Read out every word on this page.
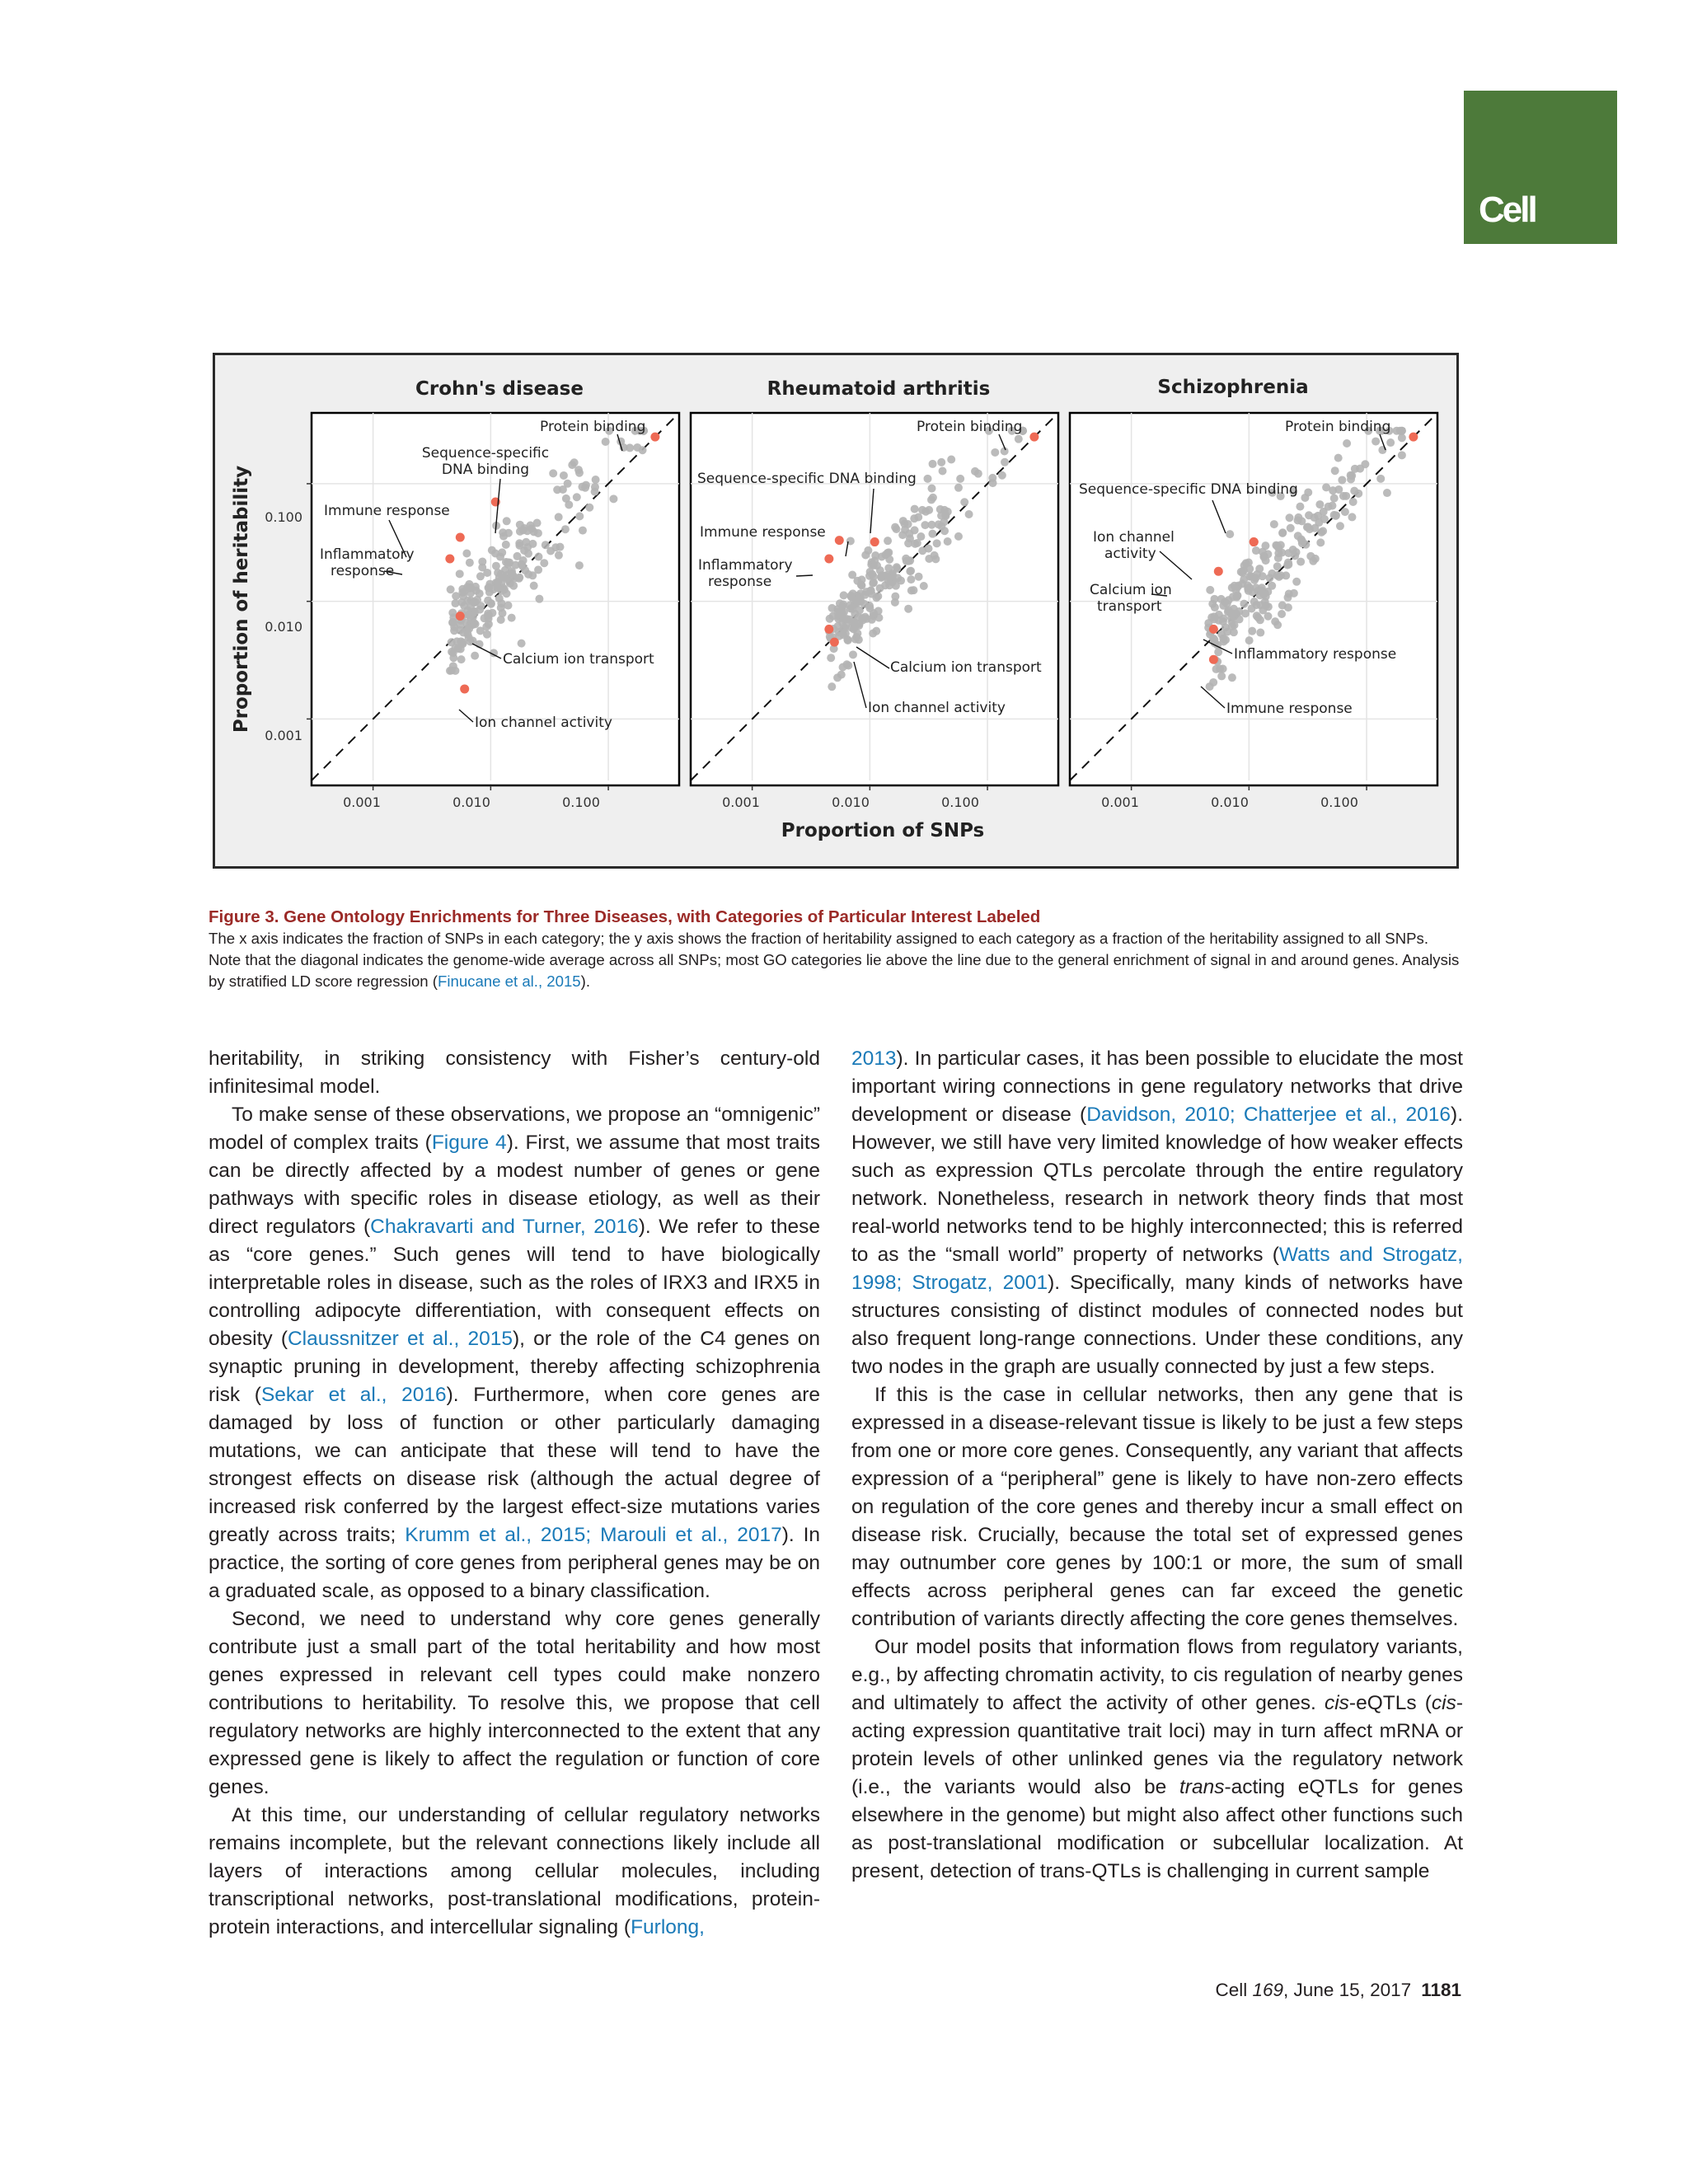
Cell
Crohn's disease	Rheumatoid arthritis	Schizophrenia
Proportion of heritability 0.100
0.010
0.001
0.001	0.010	0.100	0.001	0.010	0.100	0.001	0.010	0.100
Proportion of SNPs
Protein binding
Sequence-specific
DNA binding
Immune response
Inflammatory
response
Calcium ion transport
Ion channel activity
Protein binding
Sequence-specific DNA binding
Immune response
Inflammatory
response
Calcium ion transport
Ion channel activity
Protein binding
Sequence-specific DNA binding
Ion channel
activity
Calcium ion
transport
Inflammatory response
Immune response
Figure 3. Gene Ontology Enrichments for Three Diseases, with Categories of Particular Interest Labeled
The x axis indicates the fraction of SNPs in each category; the y axis shows the fraction of heritability assigned to each category as a fraction of the heritability assigned to all SNPs. Note that the diagonal indicates the genome-wide average across all SNPs; most GO categories lie above the line due to the general enrichment of signal in and around genes. Analysis by stratified LD score regression (Finucane et al., 2015).

heritability, in striking consistency with Fisher’s century-old infinitesimal model.

To make sense of these observations, we propose an “omnigenic” model of complex traits (Figure 4). First, we assume that most traits can be directly affected by a modest number of genes or gene pathways with specific roles in disease etiology, as well as their direct regulators (Chakravarti and Turner, 2016). We refer to these as “core genes.” Such genes will tend to have biologically interpretable roles in disease, such as the roles of IRX3 and IRX5 in controlling adipocyte differentiation, with consequent effects on obesity (Claussnitzer et al., 2015), or the role of the C4 genes on synaptic pruning in development, thereby affecting schizophrenia risk (Sekar et al., 2016). Furthermore, when core genes are damaged by loss of function or other particularly damaging mutations, we can anticipate that these will tend to have the strongest effects on disease risk (although the actual degree of increased risk conferred by the largest effect-size mutations varies greatly across traits; Krumm et al., 2015; Marouli et al., 2017). In practice, the sorting of core genes from peripheral genes may be on a graduated scale, as opposed to a binary classification.

Second, we need to understand why core genes generally contribute just a small part of the total heritability and how most genes expressed in relevant cell types could make nonzero contributions to heritability. To resolve this, we propose that cell regulatory networks are highly interconnected to the extent that any expressed gene is likely to affect the regulation or function of core genes.

At this time, our understanding of cellular regulatory networks remains incomplete, but the relevant connections likely include all layers of interactions among cellular molecules, including transcriptional networks, post-translational modifications, protein-protein interactions, and intercellular signaling (Furlong,

2013). In particular cases, it has been possible to elucidate the most important wiring connections in gene regulatory networks that drive development or disease (Davidson, 2010; Chatterjee et al., 2016). However, we still have very limited knowledge of how weaker effects such as expression QTLs percolate through the entire regulatory network. Nonetheless, research in network theory finds that most real-world networks tend to be highly interconnected; this is referred to as the “small world” property of networks (Watts and Strogatz, 1998; Strogatz, 2001). Specifically, many kinds of networks have structures consisting of distinct modules of connected nodes but also frequent long-range connections. Under these conditions, any two nodes in the graph are usually connected by just a few steps.

If this is the case in cellular networks, then any gene that is expressed in a disease-relevant tissue is likely to be just a few steps from one or more core genes. Consequently, any variant that affects expression of a “peripheral” gene is likely to have non-zero effects on regulation of the core genes and thereby incur a small effect on disease risk. Crucially, because the total set of expressed genes may outnumber core genes by 100:1 or more, the sum of small effects across peripheral genes can far exceed the genetic contribution of variants directly affecting the core genes themselves.

Our model posits that information flows from regulatory variants, e.g., by affecting chromatin activity, to cis regulation of nearby genes and ultimately to affect the activity of other genes. cis-eQTLs (cis-acting expression quantitative trait loci) may in turn affect mRNA or protein levels of other unlinked genes via the regulatory network (i.e., the variants would also be trans-acting eQTLs for genes elsewhere in the genome) but might also affect other functions such as post-translational modification or subcellular localization. At present, detection of trans-QTLs is challenging in current sample

Cell 169, June 15, 2017 1181
